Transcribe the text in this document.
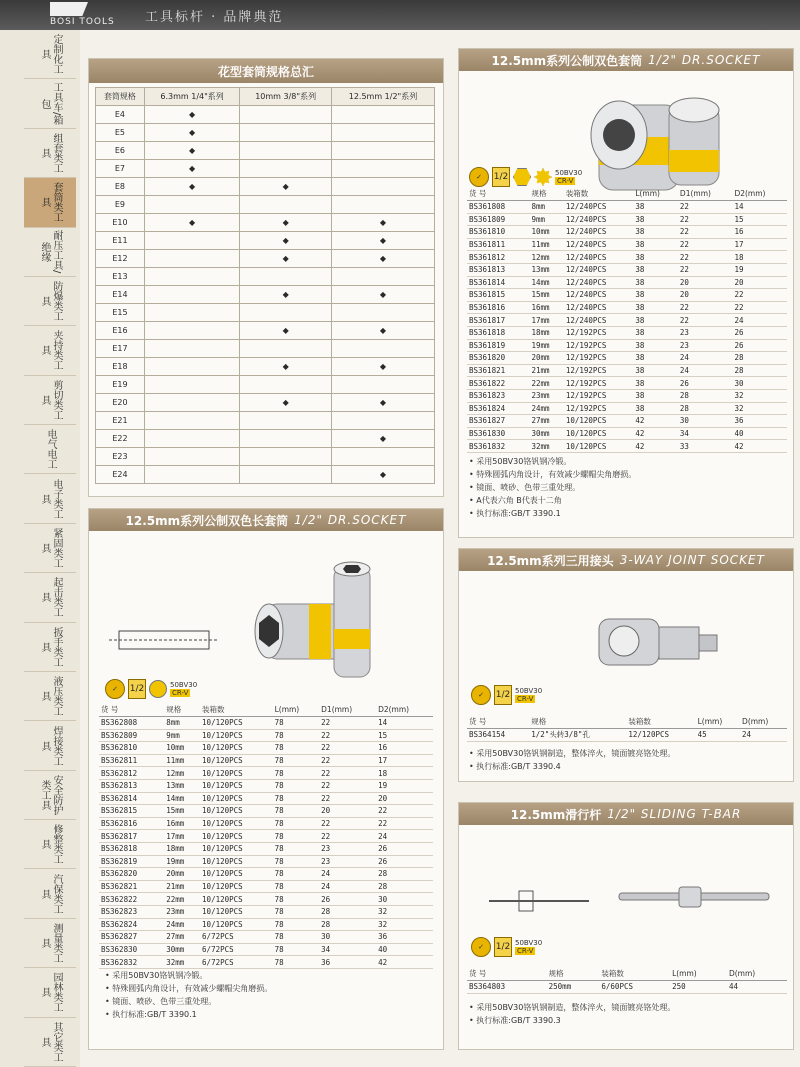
BOSI TOOLS 工具标杆 · 品牌典范
定制化工具
工具车/箱包
组套类工具
套筒类工具
耐压工具/绝缘
防爆类工具
夹持类工具
剪切类工具
电气电工
电子类工具
紧固类工具
起击类工具
扳手类工具
液压类工具
焊接类工具
安全防护类工具
修整类工具
汽保类工具
测量类工具
园林类工具
其它类工具
花型套筒规格总汇
套筒规格	6.3mm 1/4"系列	10mm 3/8"系列	12.5mm 1/2"系列
E4	◆		
E5	◆		
E6	◆		
E7	◆		
E8	◆	◆	
E9			
E10	◆	◆	◆
E11		◆	◆
E12		◆	◆
E13			
E14		◆	◆
E15			
E16		◆	◆
E17			
E18		◆	◆
E19			
E20		◆	◆
E21			
E22			◆
E23			
E24			◆
12.5mm系列公制双色长套筒 1/2" DR.SOCKET
✓	1/2	50BV30
CR-V
货 号	规格	装箱数	L(mm)	D1(mm)	D2(mm)
BS362808	8mm	10/120PCS	78	22	14
BS362809	9mm	10/120PCS	78	22	15
BS362810	10mm	10/120PCS	78	22	16
BS362811	11mm	10/120PCS	78	22	17
BS362812	12mm	10/120PCS	78	22	18
BS362813	13mm	10/120PCS	78	22	19
BS362814	14mm	10/120PCS	78	22	20
BS362815	15mm	10/120PCS	78	20	22
BS362816	16mm	10/120PCS	78	22	22
BS362817	17mm	10/120PCS	78	22	24
BS362818	18mm	10/120PCS	78	23	26
BS362819	19mm	10/120PCS	78	23	26
BS362820	20mm	10/120PCS	78	24	28
BS362821	21mm	10/120PCS	78	24	28
BS362822	22mm	10/120PCS	78	26	30
BS362823	23mm	10/120PCS	78	28	32
BS362824	24mm	10/120PCS	78	28	32
BS362827	27mm	6/72PCS	78	30	36
BS362830	30mm	6/72PCS	78	34	40
BS362832	32mm	6/72PCS	78	36	42
• 采用50BV30铬钒钢冷锻。
• 特殊圆弧内角设计，有效减少螺帽尖角磨损。
• 镜面、喷砂、色带三重处理。
• 执行标准:GB/T 3390.1
12.5mm系列公制双色套筒 1/2" DR.SOCKET
✓	1/2	50BV30
CR-V
货 号	规格	装箱数	L(mm)	D1(mm)	D2(mm)
BS361808	8mm	12/240PCS	38	22	14
BS361809	9mm	12/240PCS	38	22	15
BS361810	10mm	12/240PCS	38	22	16
BS361811	11mm	12/240PCS	38	22	17
BS361812	12mm	12/240PCS	38	22	18
BS361813	13mm	12/240PCS	38	22	19
BS361814	14mm	12/240PCS	38	20	20
BS361815	15mm	12/240PCS	38	20	22
BS361816	16mm	12/240PCS	38	22	22
BS361817	17mm	12/240PCS	38	22	24
BS361818	18mm	12/192PCS	38	23	26
BS361819	19mm	12/192PCS	38	23	26
BS361820	20mm	12/192PCS	38	24	28
BS361821	21mm	12/192PCS	38	24	28
BS361822	22mm	12/192PCS	38	26	30
BS361823	23mm	12/192PCS	38	28	32
BS361824	24mm	12/192PCS	38	28	32
BS361827	27mm	10/120PCS	42	30	36
BS361830	30mm	10/120PCS	42	34	40
BS361832	32mm	10/120PCS	42	33	42
• 采用50BV30铬钒钢冷锻。
• 特殊圆弧内角设计，有效减少螺帽尖角磨损。
• 镜面、喷砂、色带三重处理。
• A代表六角 B代表十二角
• 执行标准:GB/T 3390.1
12.5mm系列三用接头 3-WAY JOINT SOCKET
✓	1/2 50BV30
CR-V
货 号	规格	装箱数	L(mm)	D(mm)
BS364154	1/2"头转3/8"孔	12/120PCS	45	24
• 采用50BV30铬钒钢制造，整体淬火，镜面镀亮铬处理。
• 执行标准:GB/T 3390.4
12.5mm滑行杆 1/2" SLIDING T-BAR
✓	1/2 50BV30
CR-V
货 号	规格	装箱数	L(mm)	D(mm)
BS364803	250mm	6/60PCS	250	44
• 采用50BV30铬钒钢制造，整体淬火，镜面镀亮铬处理。
• 执行标准:GB/T 3390.3
